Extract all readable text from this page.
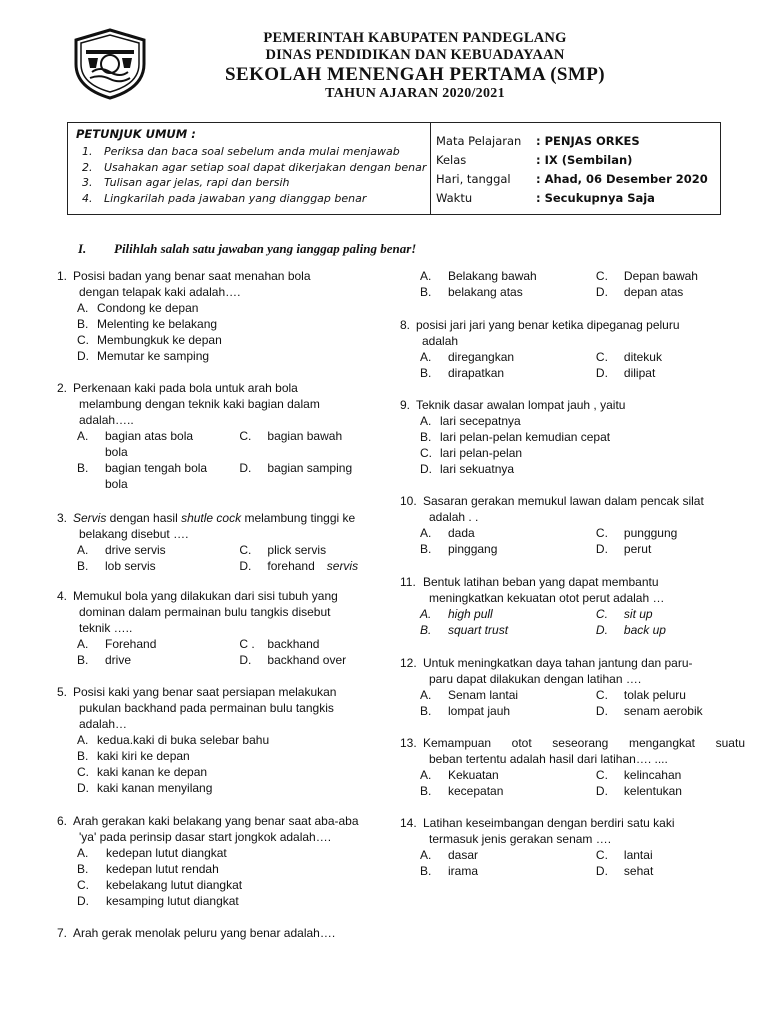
PEMERINTAH KABUPATEN PANDEGLANG
DINAS PENDIDIKAN DAN KEBUADAYAAN
SEKOLAH MENENGAH PERTAMA (SMP)
TAHUN AJARAN 2020/2021
PETUNJUK UMUM :
1.	Periksa dan baca soal sebelum anda mulai menjawab
2.	Usahakan agar setiap soal dapat dikerjakan dengan benar
3.	Tulisan agar jelas, rapi dan bersih
4.	Lingkarilah pada jawaban yang dianggap benar
Mata Pelajaran	: PENJAS ORKES
Kelas	: IX (Sembilan)
Hari, tanggal	: Ahad, 06 Desember 2020
Waktu	: Secukupnya Saja
I. Pilihlah salah satu jawaban yang ianggap paling benar!
1. Posisi badan yang benar saat menahan bola
dengan telapak kaki adalah….
A. Condong ke depan
B. Melenting ke belakang
C. Membungkuk ke depan
D. Memutar ke samping
2. Perkenaan kaki pada bola untuk arah bola
melambung dengan teknik kaki bagian dalam
adalah…..
A.	bagian atas bola bola
C.	bagian bawah
B.	bagian tengah bola bola
D.	bagian samping
3. Servis dengan hasil shutle cock melambung tinggi ke
belakang disebut ….
A.	drive servis	C.	plick servis
B.	lob servis	D.	forehand	servis
4. Memukul bola yang dilakukan dari sisi tubuh yang
dominan dalam permainan bulu tangkis disebut
teknik …..
A.	Forehand	C .	backhand
B.	drive	D.	backhand over
5. Posisi kaki yang benar saat persiapan melakukan
pukulan backhand pada permainan bulu tangkis
adalah…
A. kedua.kaki di buka selebar bahu
B. kaki kiri ke depan
C. kaki kanan ke depan
D. kaki kanan menyilang
6. Arah gerakan kaki belakang yang benar saat aba-aba
'ya' pada perinsip dasar start jongkok adalah….
A.	kedepan lutut diangkat
B.	kedepan lutut rendah
C.	kebelakang lutut diangkat
D.	kesamping lutut diangkat
7. Arah gerak menolak peluru yang benar adalah….
A.	Belakang bawah	C.	Depan bawah
B.	belakang atas	D.	depan atas
8. posisi jari jari yang benar ketika dipeganag peluru
adalah
A.	diregangkan	C.	ditekuk
B.	dirapatkan	D.	dilipat
9. Teknik dasar awalan lompat jauh , yaitu
A. lari secepatnya
B. lari pelan-pelan kemudian cepat
C. lari pelan-pelan
D. lari sekuatnya
10. Sasaran gerakan memukul lawan dalam pencak silat
adalah . .
A.	dada	C.	punggung
B.	pinggang	D.	perut
11. Bentuk latihan beban yang dapat membantu
meningkatkan kekuatan otot perut adalah …
A.	high pull	C.	sit up
B.	squart trust	D.	back up
12. Untuk meningkatkan daya tahan jantung dan paru-
paru dapat dilakukan dengan latihan ….
A.	Senam lantai	C.	tolak peluru
B.	lompat jauh	D.	senam aerobik
13. Kemampuan otot seseorang mengangkat suatu
beban tertentu adalah hasil dari latihan…. ....
A.	Kekuatan	C.	kelincahan
B.	kecepatan	D.	kelentukan
14. Latihan keseimbangan dengan berdiri satu kaki
termasuk jenis gerakan senam ….
A.	dasar	C.	lantai
B.	irama	D.	sehat
